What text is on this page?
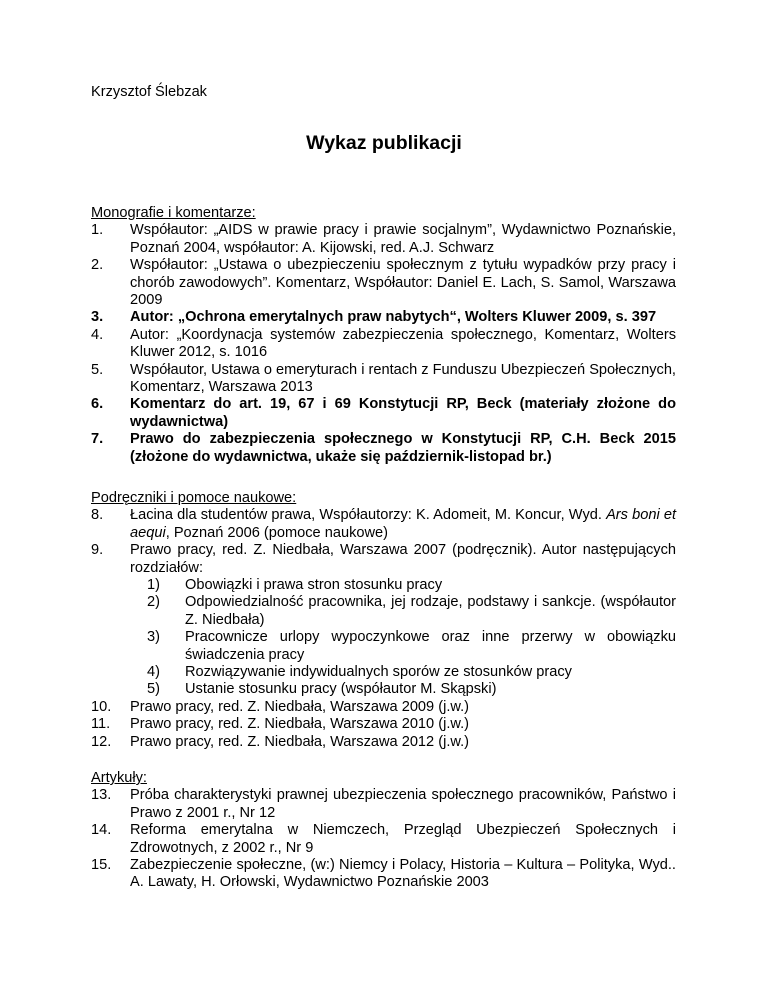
Krzysztof Ślebzak
Wykaz publikacji
Monografie i komentarze:
1.	Współautor: „AIDS w prawie pracy i prawie socjalnym”, Wydawnictwo Poznańskie, Poznań 2004, współautor: A. Kijowski, red. A.J. Schwarz
2.	Współautor: „Ustawa o ubezpieczeniu społecznym z tytułu wypadków przy pracy i chorób zawodowych”. Komentarz, Współautor: Daniel E. Lach, S. Samol, Warszawa 2009
3.	Autor: „Ochrona emerytalnych praw nabytych“, Wolters Kluwer 2009, s. 397
4.	Autor: „Koordynacja systemów zabezpieczenia społecznego, Komentarz, Wolters Kluwer 2012, s. 1016
5.	Współautor, Ustawa o emeryturach i rentach z Funduszu Ubezpieczeń Społecznych, Komentarz, Warszawa 2013
6.	Komentarz do art. 19, 67 i 69 Konstytucji RP, Beck (materiały złożone do wydawnictwa)
7.	Prawo do zabezpieczenia społecznego w Konstytucji RP, C.H. Beck 2015 (złożone do wydawnictwa, ukaże się październik-listopad br.)
Podręczniki i pomoce naukowe:
8.	Łacina dla studentów prawa, Współautorzy: K. Adomeit, M. Koncur, Wyd. Ars boni et aequi, Poznań 2006 (pomoce naukowe)
9.	Prawo pracy, red. Z. Niedbała, Warszawa 2007 (podręcznik). Autor następujących rozdziałów:
1)	Obowiązki i prawa stron stosunku pracy
2)	Odpowiedzialność pracownika, jej rodzaje, podstawy i sankcje. (współautor Z. Niedbała)
3)	Pracownicze urlopy wypoczynkowe oraz inne przerwy w obowiązku świadczenia pracy
4)	Rozwiązywanie indywidualnych sporów ze stosunków pracy
5)	Ustanie stosunku pracy (współautor M. Skąpski)
10.	Prawo pracy, red. Z. Niedbała, Warszawa 2009 (j.w.)
11.	Prawo pracy, red. Z. Niedbała, Warszawa 2010 (j.w.)
12.	Prawo pracy, red. Z. Niedbała, Warszawa 2012 (j.w.)
Artykuły:
13.	Próba charakterystyki prawnej ubezpieczenia społecznego pracowników, Państwo i Prawo z 2001 r., Nr 12
14.	Reforma emerytalna w Niemczech, Przegląd Ubezpieczeń Społecznych i Zdrowotnych, z 2002 r., Nr 9
15.	Zabezpieczenie społeczne, (w:) Niemcy i Polacy, Historia – Kultura – Polityka, Wyd.. A. Lawaty, H. Orłowski, Wydawnictwo Poznańskie 2003
